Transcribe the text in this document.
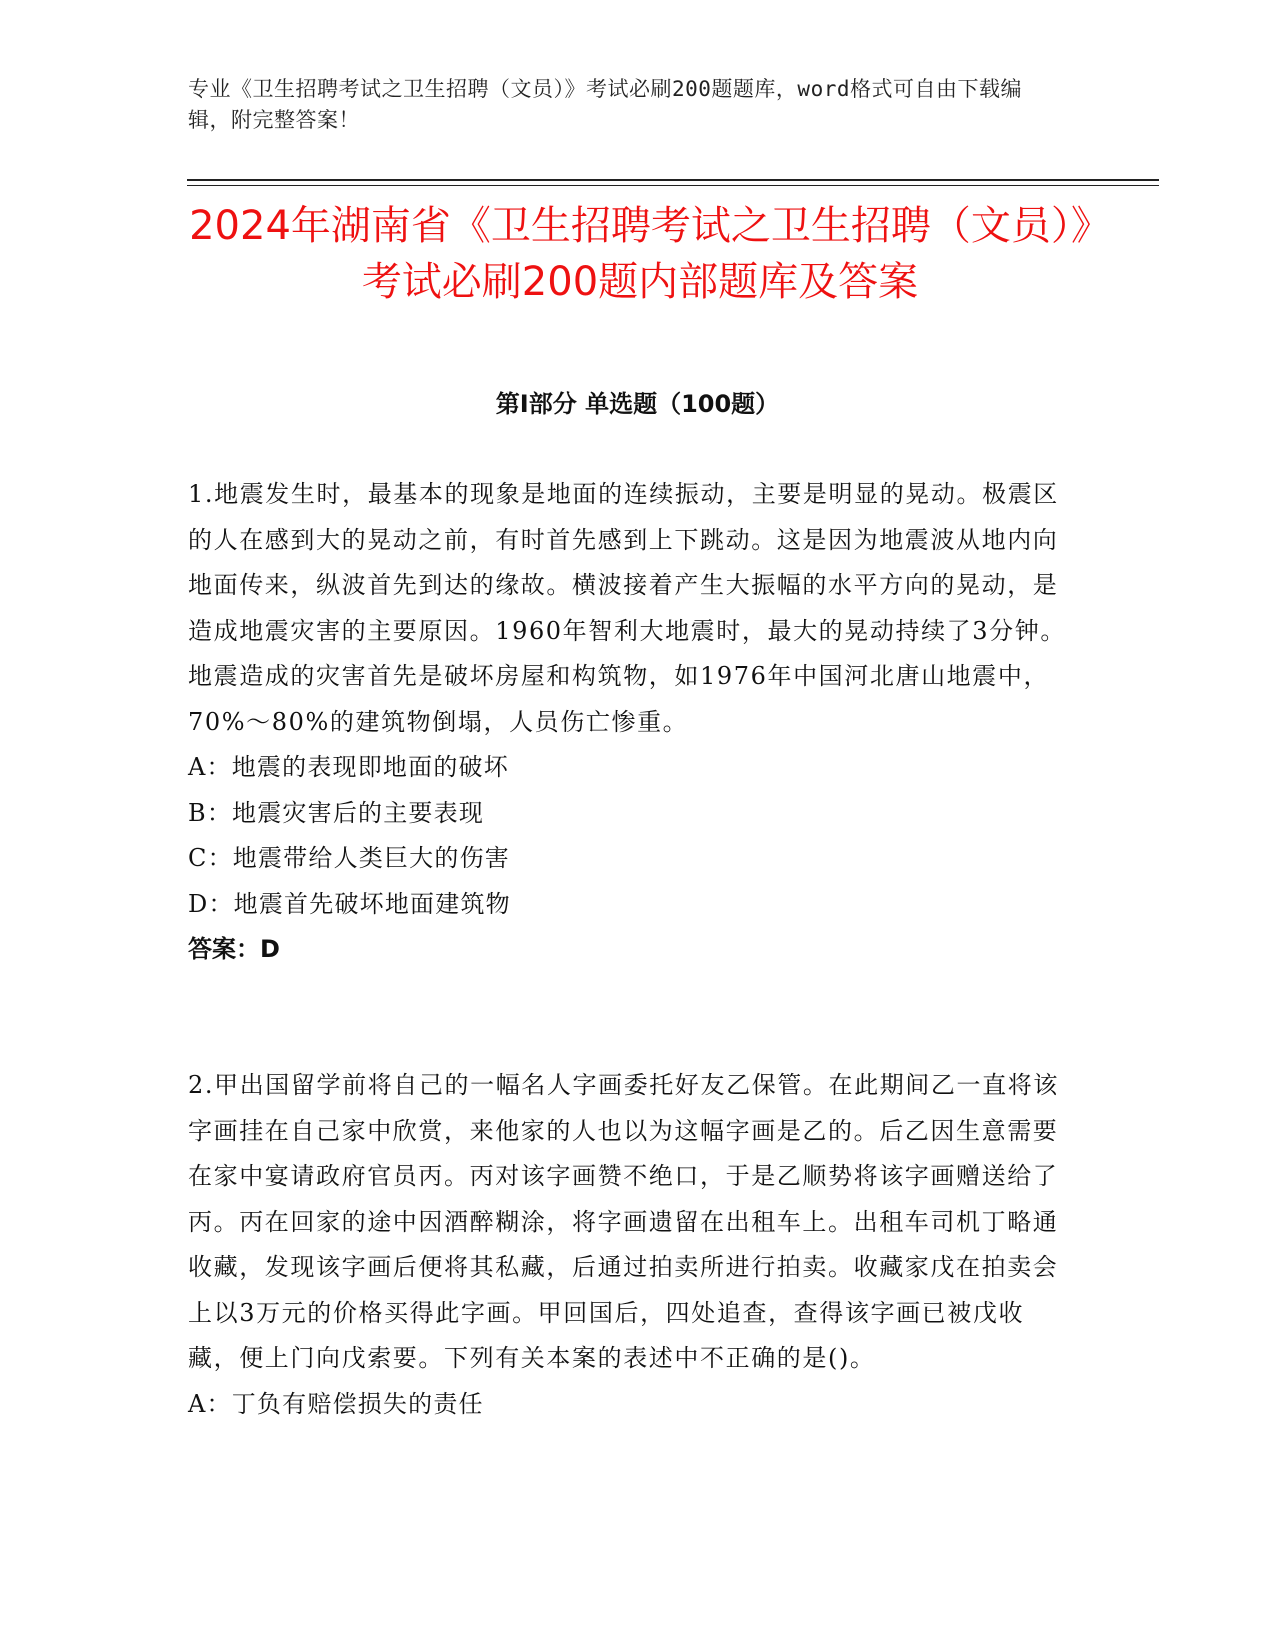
专业《卫生招聘考试之卫生招聘（文员）》考试必刷200题题库，word格式可自由下载编辑，附完整答案！
2024年湖南省《卫生招聘考试之卫生招聘（文员）》考试必刷200题内部题库及答案
第Ⅰ部分 单选题（100题）

1.地震发生时，最基本的现象是地面的连续振动，主要是明显的晃动。极震区的人在感到大的晃动之前，有时首先感到上下跳动。这是因为地震波从地内向地面传来，纵波首先到达的缘故。横波接着产生大振幅的水平方向的晃动，是造成地震灾害的主要原因。1960年智利大地震时，最大的晃动持续了3分钟。地震造成的灾害首先是破坏房屋和构筑物，如1976年中国河北唐山地震中，70%～80%的建筑物倒塌，人员伤亡惨重。

A：地震的表现即地面的破坏

B：地震灾害后的主要表现

C：地震带给人类巨大的伤害

D：地震首先破坏地面建筑物

答案：D

2.甲出国留学前将自己的一幅名人字画委托好友乙保管。在此期间乙一直将该字画挂在自己家中欣赏，来他家的人也以为这幅字画是乙的。后乙因生意需要在家中宴请政府官员丙。丙对该字画赞不绝口，于是乙顺势将该字画赠送给了丙。丙在回家的途中因酒醉糊涂，将字画遗留在出租车上。出租车司机丁略通收藏，发现该字画后便将其私藏，后通过拍卖所进行拍卖。收藏家戊在拍卖会上以3万元的价格买得此字画。甲回国后，四处追查，查得该字画已被戊收藏，便上门向戊索要。下列有关本案的表述中不正确的是()。

A：丁负有赔偿损失的责任
